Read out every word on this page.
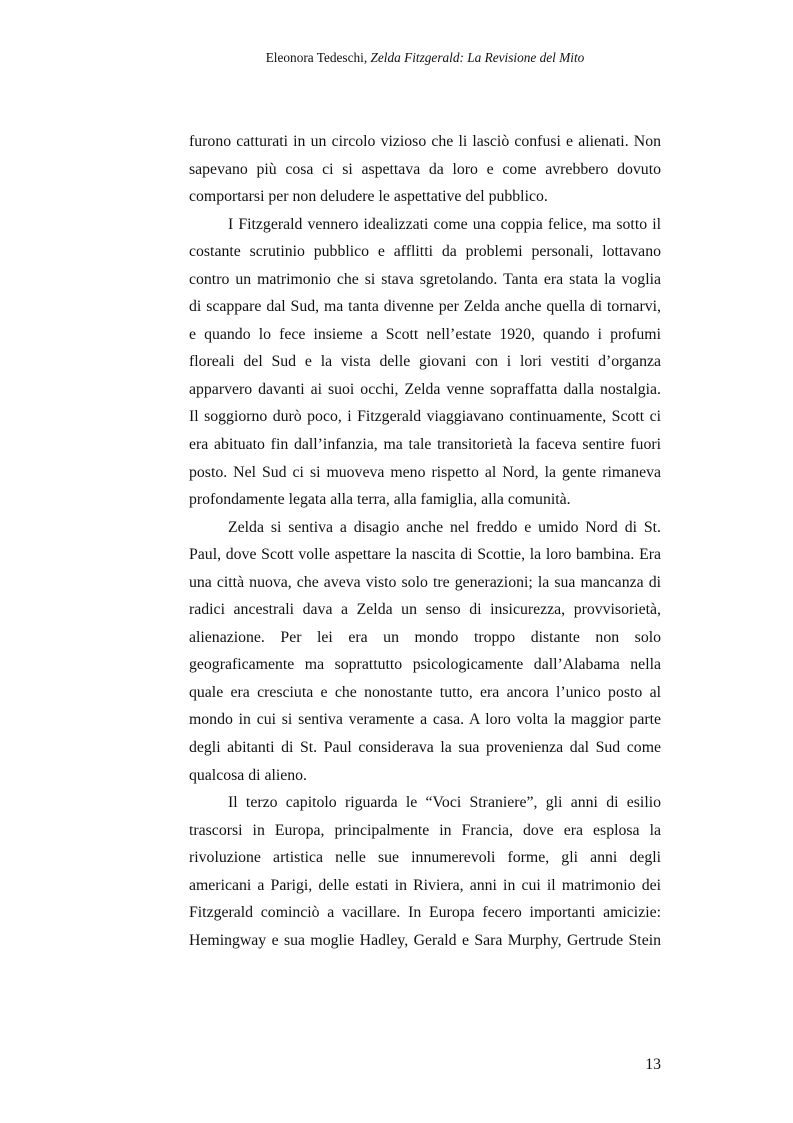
Eleonora Tedeschi, Zelda Fitzgerald: La Revisione del Mito
furono catturati in un circolo vizioso che li lasciò confusi e alienati. Non
sapevano più cosa ci si aspettava da loro e come avrebbero dovuto
comportarsi per non deludere le aspettative del pubblico.
I Fitzgerald vennero idealizzati come una coppia felice, ma sotto il
costante scrutinio pubblico e afflitti da problemi personali, lottavano
contro un matrimonio che si stava sgretolando. Tanta era stata la voglia
di scappare dal Sud, ma tanta divenne per Zelda anche quella di tornarvi,
e quando lo fece insieme a Scott nell’estate 1920, quando i profumi
floreali del Sud e la vista delle giovani con i lori vestiti d’organza
apparvero davanti ai suoi occhi, Zelda venne sopraffatta dalla nostalgia.
Il soggiorno durò poco, i Fitzgerald viaggiavano continuamente, Scott ci
era abituato fin dall’infanzia, ma tale transitorietà la faceva sentire fuori
posto. Nel Sud ci si muoveva meno rispetto al Nord, la gente rimaneva
profondamente legata alla terra, alla famiglia, alla comunità.
Zelda si sentiva a disagio anche nel freddo e umido Nord di St.
Paul, dove Scott volle aspettare la nascita di Scottie, la loro bambina. Era
una città nuova, che aveva visto solo tre generazioni; la sua mancanza di
radici ancestrali dava a Zelda un senso di insicurezza, provvisorietà,
alienazione. Per lei era un mondo troppo distante non solo
geograficamente ma soprattutto psicologicamente dall’Alabama nella
quale era cresciuta e che nonostante tutto, era ancora l’unico posto al
mondo in cui si sentiva veramente a casa. A loro volta la maggior parte
degli abitanti di St. Paul considerava la sua provenienza dal Sud come
qualcosa di alieno.
Il terzo capitolo riguarda le “Voci Straniere”, gli anni di esilio
trascorsi in Europa, principalmente in Francia, dove era esplosa la
rivoluzione artistica nelle sue innumerevoli forme, gli anni degli
americani a Parigi, delle estati in Riviera, anni in cui il matrimonio dei
Fitzgerald cominciò a vacillare. In Europa fecero importanti amicizie:
Hemingway e sua moglie Hadley, Gerald e Sara Murphy, Gertrude Stein
13
